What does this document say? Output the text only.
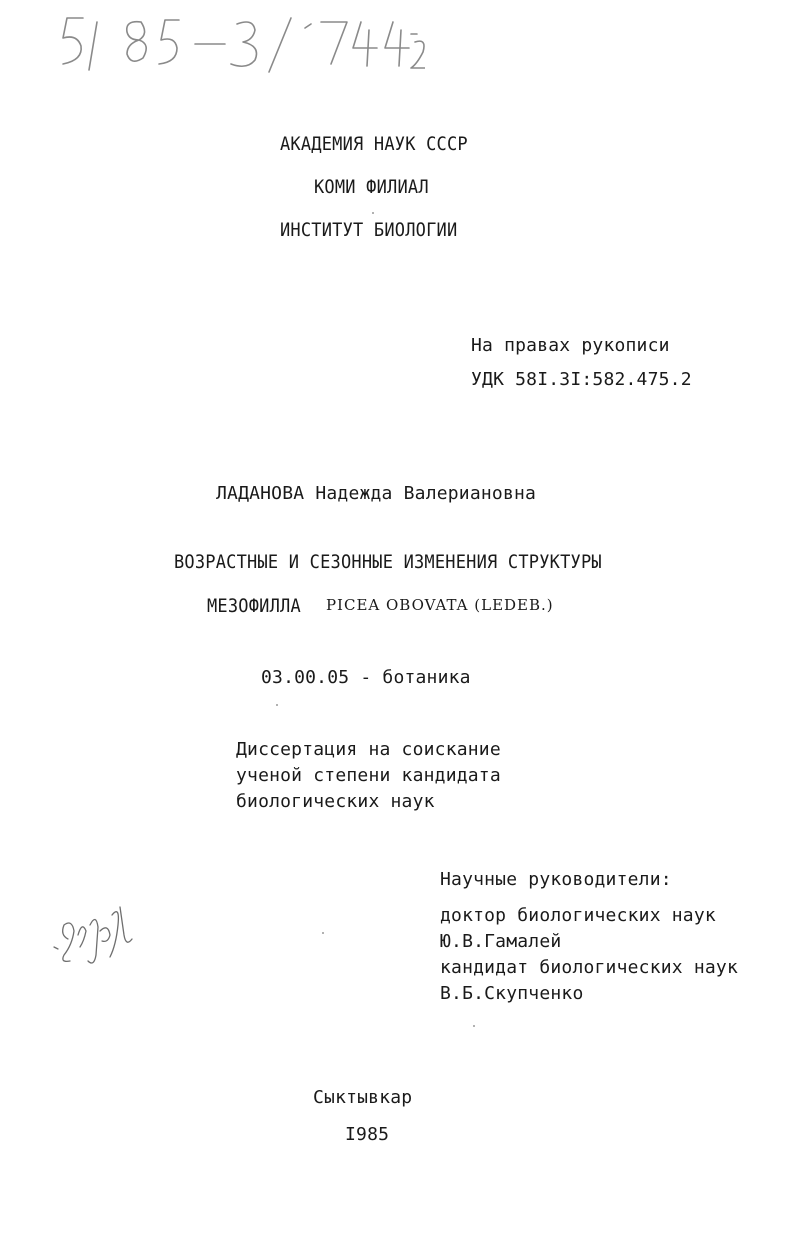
АКАДЕМИЯ НАУК СССР
КОМИ ФИЛИАЛ
ИНСТИТУТ БИОЛОГИИ
На правах рукописи
УДК 58I.3I:582.475.2
ЛАДАНОВА Надежда Валериановна
ВОЗРАСТНЫЕ И СЕЗОННЫЕ ИЗМЕНЕНИЯ СТРУКТУРЫ
МЕЗОФИЛЛА PICEA OBOVATA (LEDEB.)
03.00.05 - ботаника
Диссертация на соискание
ученой степени кандидата
биологических наук
Научные руководители:
доктор биологических наук
Ю.В.Гамалей
кандидат биологических наук
В.Б.Скупченко
Сыктывкар
I985
